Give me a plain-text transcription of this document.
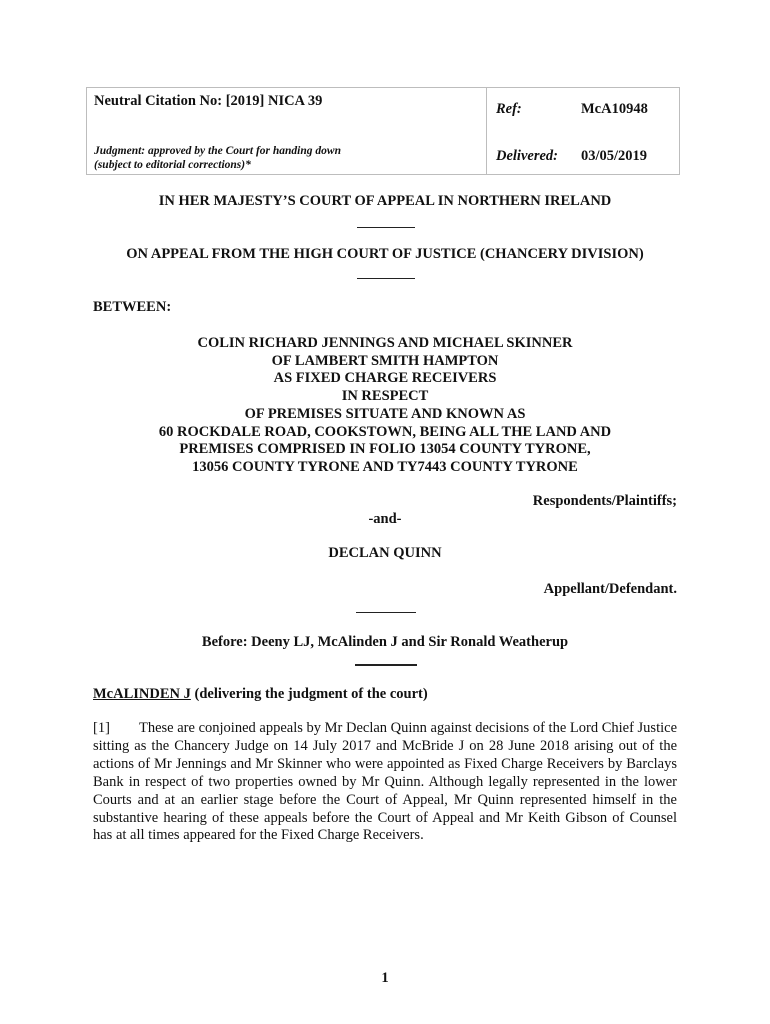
Neutral Citation No: [2019] NICA 39
Judgment: approved by the Court for handing down
(subject to editorial corrections)*
Ref:	McA10948
Delivered: 03/05/2019
IN HER MAJESTY’S COURT OF APPEAL IN NORTHERN IRELAND
ON APPEAL FROM THE HIGH COURT OF JUSTICE (CHANCERY DIVISION)
BETWEEN:
COLIN RICHARD JENNINGS AND MICHAEL SKINNER
OF LAMBERT SMITH HAMPTON
AS FIXED CHARGE RECEIVERS
IN RESPECT
OF PREMISES SITUATE AND KNOWN AS
60 ROCKDALE ROAD, COOKSTOWN, BEING ALL THE LAND AND
PREMISES COMPRISED IN FOLIO 13054 COUNTY TYRONE,
13056 COUNTY TYRONE AND TY7443 COUNTY TYRONE
Respondents/Plaintiffs;
-and-
DECLAN QUINN
Appellant/Defendant.
Before: Deeny LJ, McAlinden J and Sir Ronald Weatherup
McALINDEN J (delivering the judgment of the court)
[1] These are conjoined appeals by Mr Declan Quinn against decisions of the Lord Chief Justice sitting as the Chancery Judge on 14 July 2017 and McBride J on 28 June 2018 arising out of the actions of Mr Jennings and Mr Skinner who were appointed as Fixed Charge Receivers by Barclays Bank in respect of two properties owned by Mr Quinn. Although legally represented in the lower Courts and at an earlier stage before the Court of Appeal, Mr Quinn represented himself in the substantive hearing of these appeals before the Court of Appeal and Mr Keith Gibson of Counsel has at all times appeared for the Fixed Charge Receivers.
1
